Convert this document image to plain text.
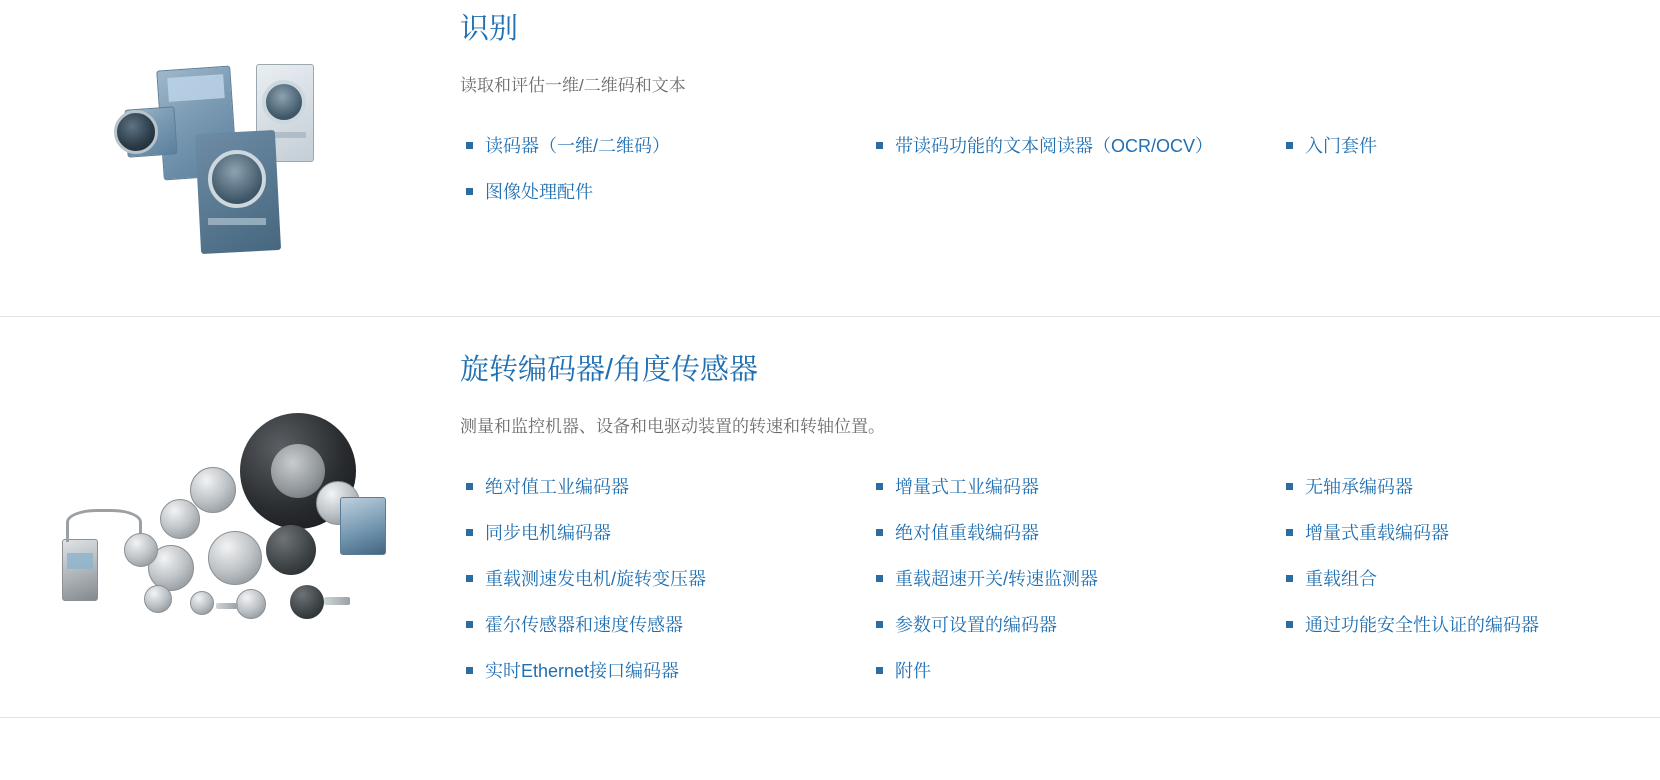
识别

读取和评估一维/二维码和文本

读码器（一维/二维码）	带读码功能的文本阅读器（OCR/OCV）	入门套件
图像处理配件
旋转编码器/角度传感器

测量和监控机器、设备和电驱动装置的转速和转轴位置。

绝对值工业编码器	增量式工业编码器	无轴承编码器
同步电机编码器	绝对值重载编码器	增量式重载编码器
重载测速发电机/旋转变压器	重载超速开关/转速监测器	重载组合
霍尔传感器和速度传感器	参数可设置的编码器	通过功能安全性认证的编码器
实时Ethernet接口编码器	附件
